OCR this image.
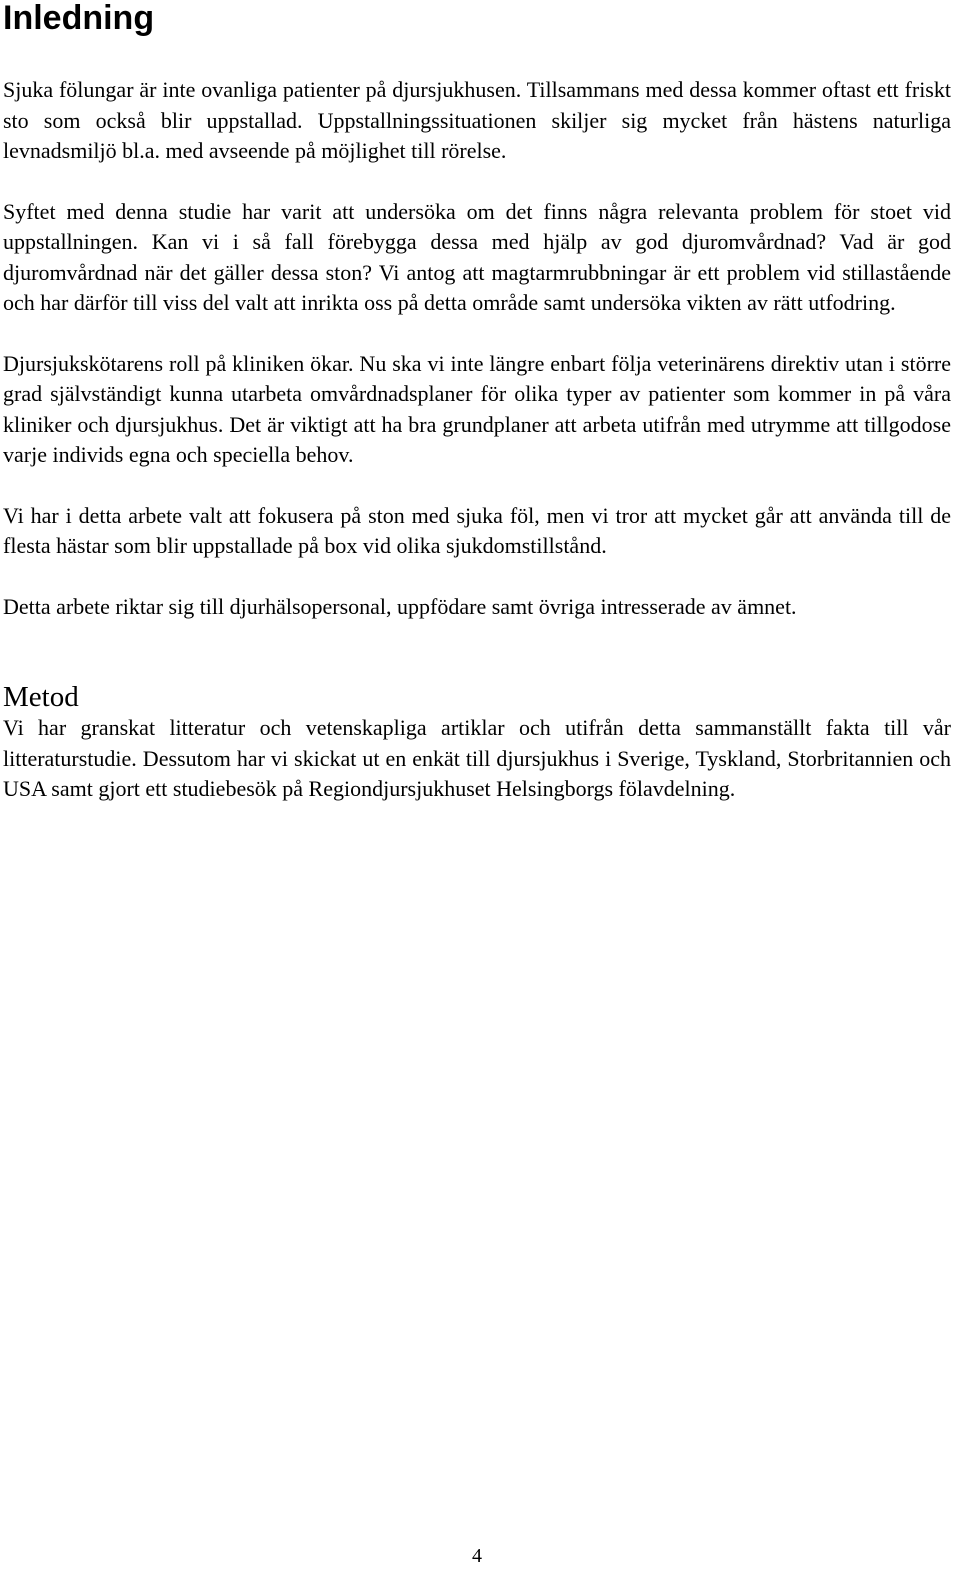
Inledning

Sjuka fölungar är inte ovanliga patienter på djursjukhusen. Tillsammans med dessa kommer oftast ett friskt sto som också blir uppstallad. Uppstallningssituationen skiljer sig mycket från hästens naturliga levnadsmiljö bl.a. med avseende på möjlighet till rörelse.

Syftet med denna studie har varit att undersöka om det finns några relevanta problem för stoet vid uppstallningen. Kan vi i så fall förebygga dessa med hjälp av god djuromvårdnad? Vad är god djuromvårdnad när det gäller dessa ston? Vi antog att magtarmrubbningar är ett problem vid stillastående och har därför till viss del valt att inrikta oss på detta område samt undersöka vikten av rätt utfodring.

Djursjukskötarens roll på kliniken ökar. Nu ska vi inte längre enbart följa veterinärens direktiv utan i större grad självständigt kunna utarbeta omvårdnadsplaner för olika typer av patienter som kommer in på våra kliniker och djursjukhus. Det är viktigt att ha bra grundplaner att arbeta utifrån med utrymme att tillgodose varje individs egna och speciella behov.

Vi har i detta arbete valt att fokusera på ston med sjuka föl, men vi tror att mycket går att använda till de flesta hästar som blir uppstallade på box vid olika sjukdomstillstånd.

Detta arbete riktar sig till djurhälsopersonal, uppfödare samt övriga intresserade av ämnet.

Metod

Vi har granskat litteratur och vetenskapliga artiklar och utifrån detta sammanställt fakta till vår litteraturstudie. Dessutom har vi skickat ut en enkät till djursjukhus i Sverige, Tyskland, Storbritannien och USA samt gjort ett studiebesök på Regiondjursjukhuset Helsingborgs fölavdelning.

4
